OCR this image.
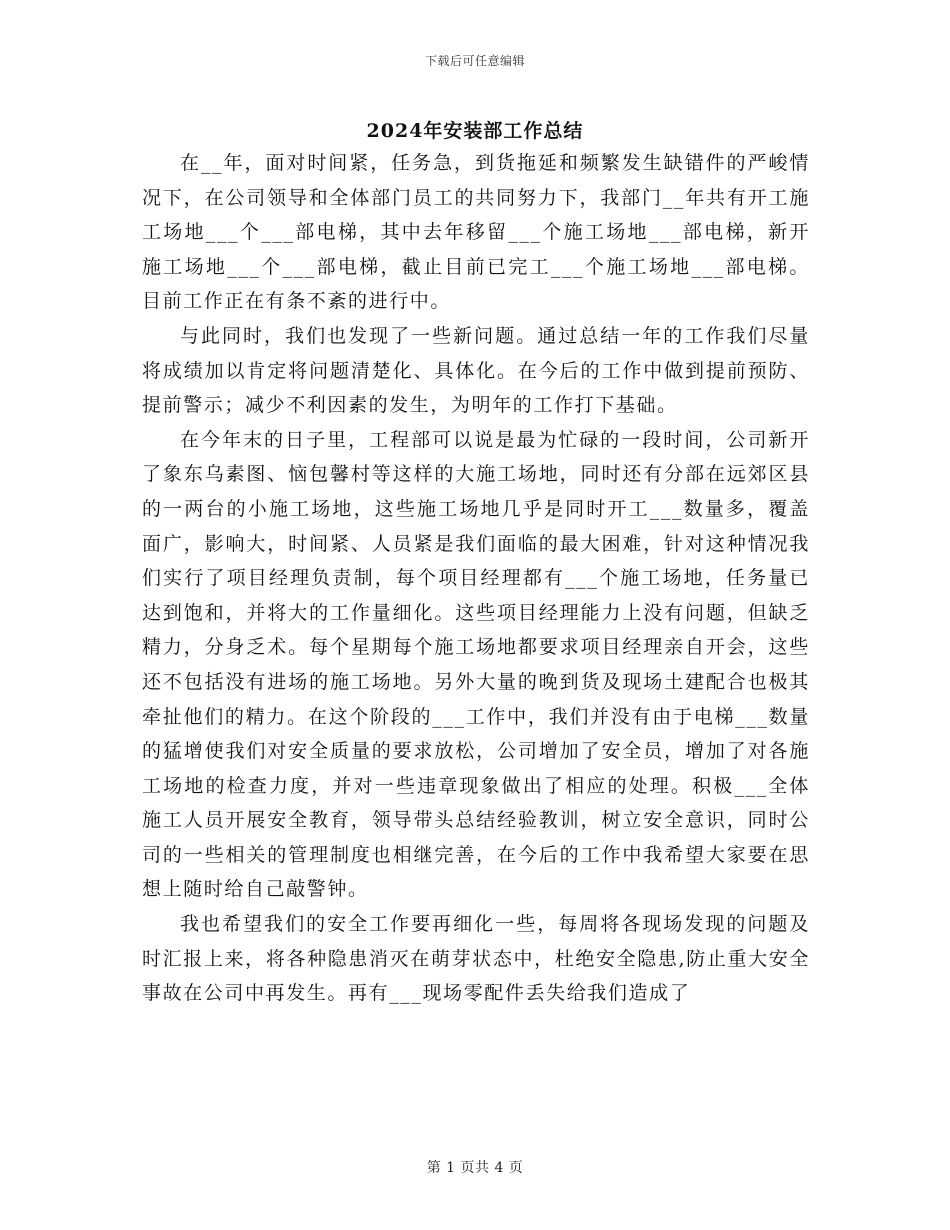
下载后可任意编辑
2024年安装部工作总结

在__年，面对时间紧，任务急，到货拖延和频繁发生缺错件的严峻情况下，在公司领导和全体部门员工的共同努力下，我部门__年共有开工施工场地___个___部电梯，其中去年移留___个施工场地___部电梯，新开施工场地___个___部电梯，截止目前已完工___个施工场地___部电梯。目前工作正在有条不紊的进行中。

与此同时，我们也发现了一些新问题。通过总结一年的工作我们尽量将成绩加以肯定将问题清楚化、具体化。在今后的工作中做到提前预防、提前警示；减少不利因素的发生，为明年的工作打下基础。

在今年末的日子里，工程部可以说是最为忙碌的一段时间，公司新开了象东乌素图、恼包馨村等这样的大施工场地，同时还有分部在远郊区县的一两台的小施工场地，这些施工场地几乎是同时开工___数量多，覆盖面广，影响大，时间紧、人员紧是我们面临的最大困难，针对这种情况我们实行了项目经理负责制，每个项目经理都有___个施工场地，任务量已达到饱和，并将大的工作量细化。这些项目经理能力上没有问题，但缺乏精力，分身乏术。每个星期每个施工场地都要求项目经理亲自开会，这些还不包括没有进场的施工场地。另外大量的晚到货及现场土建配合也极其牵扯他们的精力。在这个阶段的___工作中，我们并没有由于电梯___数量的猛增使我们对安全质量的要求放松，公司增加了安全员，增加了对各施工场地的检查力度，并对一些违章现象做出了相应的处理。积极___全体施工人员开展安全教育，领导带头总结经验教训，树立安全意识，同时公司的一些相关的管理制度也相继完善，在今后的工作中我希望大家要在思想上随时给自己敲警钟。

我也希望我们的安全工作要再细化一些，每周将各现场发现的问题及时汇报上来，将各种隐患消灭在萌芽状态中，杜绝安全隐患,防止重大安全事故在公司中再发生。再有___现场零配件丢失给我们造成了

第 1 页共 4 页
